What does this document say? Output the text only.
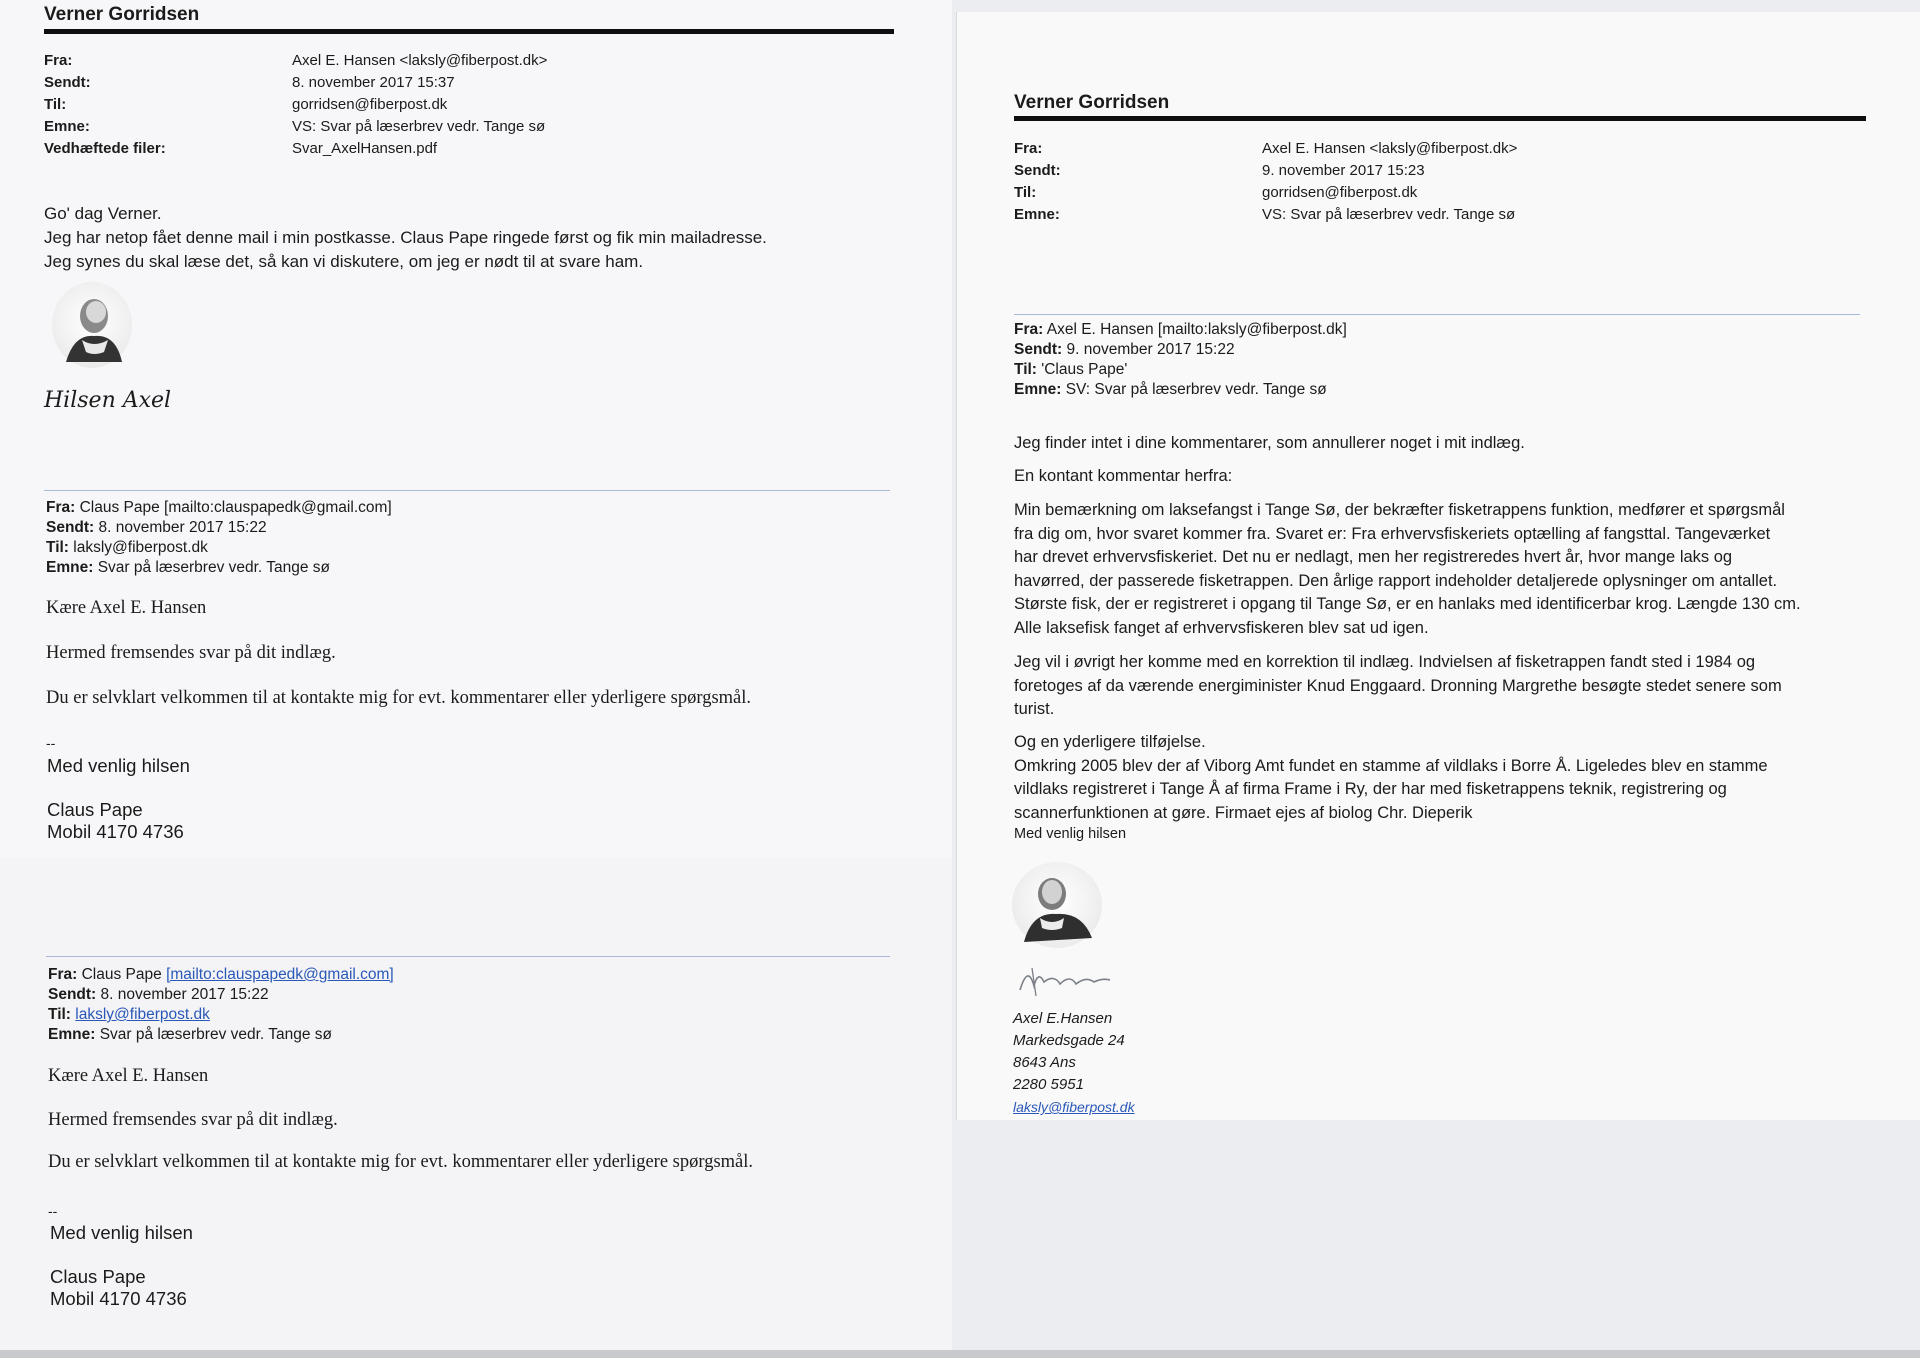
Verner Gorridsen
Fra:
Sendt:
Til:
Emne:
Vedhæftede filer:
Axel E. Hansen <laksly@fiberpost.dk>
8. november 2017 15:37
gorridsen@fiberpost.dk
VS: Svar på læserbrev vedr. Tange sø
Svar_AxelHansen.pdf
Go' dag Verner.
Jeg har netop fået denne mail i min postkasse. Claus Pape ringede først og fik min mailadresse.
Jeg synes du skal læse det, så kan vi diskutere, om jeg er nødt til at svare ham.
Hilsen Axel
Fra: Claus Pape [mailto:clauspapedk@gmail.com]
Sendt: 8. november 2017 15:22
Til: laksly@fiberpost.dk
Emne: Svar på læserbrev vedr. Tange sø
Kære Axel E. Hansen
Hermed fremsendes svar på dit indlæg.
Du er selvklart velkommen til at kontakte mig for evt. kommentarer eller yderligere spørgsmål.
--
Med venlig hilsen
Claus Pape
Mobil 4170 4736
Fra: Claus Pape [mailto:clauspapedk@gmail.com]
Sendt: 8. november 2017 15:22
Til: laksly@fiberpost.dk
Emne: Svar på læserbrev vedr. Tange sø
Kære Axel E. Hansen
Hermed fremsendes svar på dit indlæg.
Du er selvklart velkommen til at kontakte mig for evt. kommentarer eller yderligere spørgsmål.
--
Med venlig hilsen
Claus Pape
Mobil 4170 4736
Verner Gorridsen
Fra:
Sendt:
Til:
Emne:
Axel E. Hansen <laksly@fiberpost.dk>
9. november 2017 15:23
gorridsen@fiberpost.dk
VS: Svar på læserbrev vedr. Tange sø
Fra: Axel E. Hansen [mailto:laksly@fiberpost.dk]
Sendt: 9. november 2017 15:22
Til: 'Claus Pape'
Emne: SV: Svar på læserbrev vedr. Tange sø
Jeg finder intet i dine kommentarer, som annullerer noget i mit indlæg.
En kontant kommentar herfra:
Min bemærkning om laksefangst i Tange Sø, der bekræfter fisketrappens funktion, medfører et spørgsmål
fra dig om, hvor svaret kommer fra. Svaret er: Fra erhvervsfiskeriets optælling af fangsttal. Tangeværket
har drevet erhvervsfiskeriet. Det nu er nedlagt, men her registreredes hvert år, hvor mange laks og
havørred, der passerede fisketrappen. Den årlige rapport indeholder detaljerede oplysninger om antallet.
Største fisk, der er registreret i opgang til Tange Sø, er en hanlaks med identificerbar krog. Længde 130 cm.
Alle laksefisk fanget af erhvervsfiskeren blev sat ud igen.
Jeg vil i øvrigt her komme med en korrektion til indlæg. Indvielsen af fisketrappen fandt sted i 1984 og
foretoges af da værende energiminister Knud Enggaard. Dronning Margrethe besøgte stedet senere som
turist.
Og en yderligere tilføjelse.
Omkring 2005 blev der af Viborg Amt fundet en stamme af vildlaks i Borre Å. Ligeledes blev en stamme
vildlaks registreret i Tange Å af firma Frame i Ry, der har med fisketrappens teknik, registrering og
scannerfunktionen at gøre. Firmaet ejes af biolog Chr. Dieperik
Med venlig hilsen
Axel E.Hansen
Markedsgade 24
8643 Ans
2280 5951
laksly@fiberpost.dk
